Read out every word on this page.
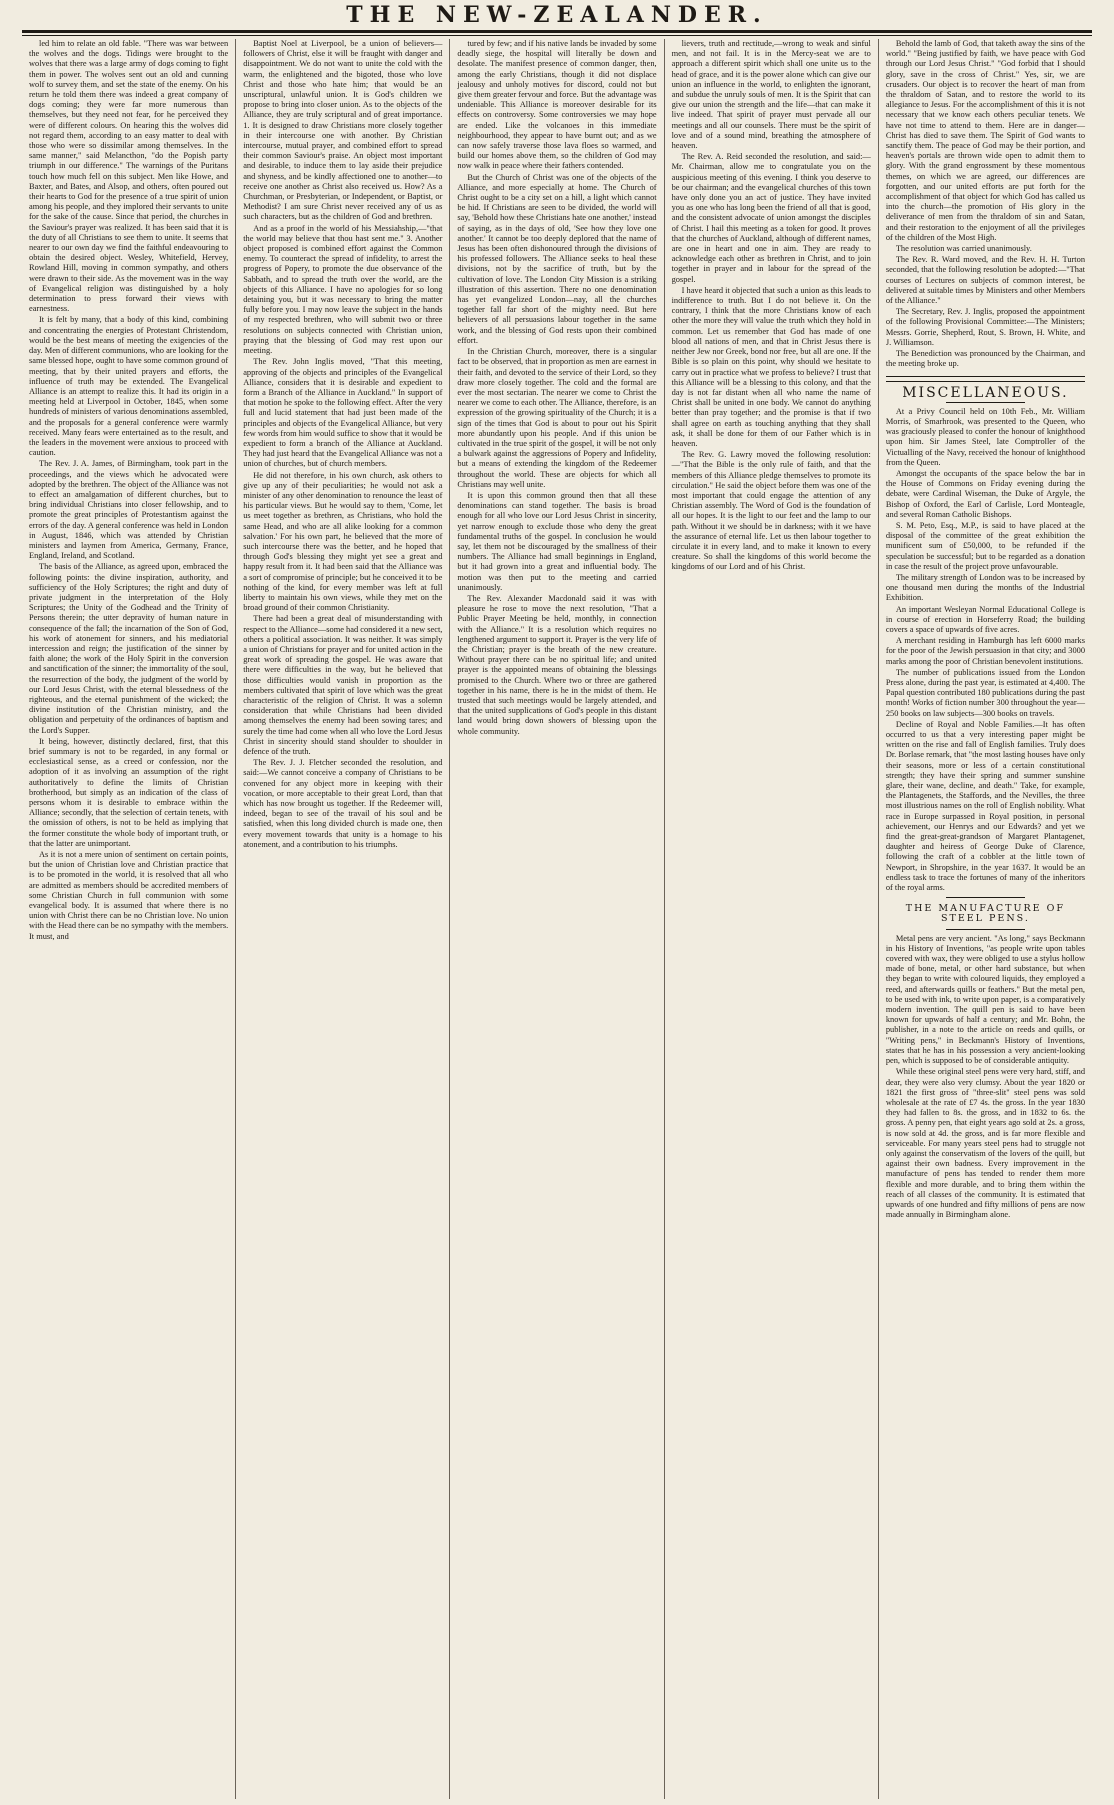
THE NEW-ZEALANDER.

led him to relate an old fable. "There was war between the wolves and the dogs. Tidings were brought to the wolves that there was a large army of dogs coming to fight them in power. The wolves sent out an old and cunning wolf to survey them, and set the state of the enemy. On his return he told them there was indeed a great company of dogs coming; they were far more numerous than themselves, but they need not fear, for he perceived they were of different colours. On hearing this the wolves did not regard them, according to an easy matter to deal with those who were so dissimilar among themselves. In the same manner," said Melancthon, "do the Popish party triumph in our difference." The warnings of the Puritans touch how much fell on this subject. Men like Howe, and Baxter, and Bates, and Alsop, and others, often poured out their hearts to God for the presence of a true spirit of union among his people, and they implored their servants to unite for the sake of the cause. Since that period, the churches in the Saviour's prayer was realized. It has been said that it is the duty of all Christians to see them to unite. It seems that nearer to our own day we find the faithful endeavouring to obtain the desired object. Wesley, Whitefield, Hervey, Rowland Hill, moving in common sympathy, and others were drawn to their side. As the movement was in the way of Evangelical religion was distinguished by a holy determination to press forward their views with earnestness.

It is felt by many, that a body of this kind, combining and concentrating the energies of Protestant Christendom, would be the best means of meeting the exigencies of the day. Men of different communions, who are looking for the same blessed hope, ought to have some common ground of meeting, that by their united prayers and efforts, the influence of truth may be extended. The Evangelical Alliance is an attempt to realize this. It had its origin in a meeting held at Liverpool in October, 1845, when some hundreds of ministers of various denominations assembled, and the proposals for a general conference were warmly received. Many fears were entertained as to the result, and the leaders in the movement were anxious to proceed with caution.

The Rev. J. A. James, of Birmingham, took part in the proceedings, and the views which he advocated were adopted by the brethren. The object of the Alliance was not to effect an amalgamation of different churches, but to bring individual Christians into closer fellowship, and to promote the great principles of Protestantism against the errors of the day. A general conference was held in London in August, 1846, which was attended by Christian ministers and laymen from America, Germany, France, England, Ireland, and Scotland.

The basis of the Alliance, as agreed upon, embraced the following points: the divine inspiration, authority, and sufficiency of the Holy Scriptures; the right and duty of private judgment in the interpretation of the Holy Scriptures; the Unity of the Godhead and the Trinity of Persons therein; the utter depravity of human nature in consequence of the fall; the incarnation of the Son of God, his work of atonement for sinners, and his mediatorial intercession and reign; the justification of the sinner by faith alone; the work of the Holy Spirit in the conversion and sanctification of the sinner; the immortality of the soul, the resurrection of the body, the judgment of the world by our Lord Jesus Christ, with the eternal blessedness of the righteous, and the eternal punishment of the wicked; the divine institution of the Christian ministry, and the obligation and perpetuity of the ordinances of baptism and the Lord's Supper.

It being, however, distinctly declared, first, that this brief summary is not to be regarded, in any formal or ecclesiastical sense, as a creed or confession, nor the adoption of it as involving an assumption of the right authoritatively to define the limits of Christian brotherhood, but simply as an indication of the class of persons whom it is desirable to embrace within the Alliance; secondly, that the selection of certain tenets, with the omission of others, is not to be held as implying that the former constitute the whole body of important truth, or that the latter are unimportant.

As it is not a mere union of sentiment on certain points, but the union of Christian love and Christian practice that is to be promoted in the world, it is resolved that all who are admitted as members should be accredited members of some Christian Church in full communion with some evangelical body. It is assumed that where there is no union with Christ there can be no Christian love. No union with the Head there can be no sympathy with the members. It must, and

Baptist Noel at Liverpool, be a union of believers—followers of Christ, else it will be fraught with danger and disappointment. We do not want to unite the cold with the warm, the enlightened and the bigoted, those who love Christ and those who hate him; that would be an unscriptural, unlawful union. It is God's children we propose to bring into closer union. As to the objects of the Alliance, they are truly scriptural and of great importance. 1. It is designed to draw Christians more closely together in their intercourse one with another. By Christian intercourse, mutual prayer, and combined effort to spread their common Saviour's praise. An object most important and desirable, to induce them to lay aside their prejudice and shyness, and be kindly affectioned one to another—to receive one another as Christ also received us. How? As a Churchman, or Presbyterian, or Independent, or Baptist, or Methodist? I am sure Christ never received any of us as such characters, but as the children of God and brethren.

And as a proof in the world of his Messiahship,—"that the world may believe that thou hast sent me." 3. Another object proposed is combined effort against the Common enemy. To counteract the spread of infidelity, to arrest the progress of Popery, to promote the due observance of the Sabbath, and to spread the truth over the world, are the objects of this Alliance. I have no apologies for so long detaining you, but it was necessary to bring the matter fully before you. I may now leave the subject in the hands of my respected brethren, who will submit two or three resolutions on subjects connected with Christian union, praying that the blessing of God may rest upon our meeting.

The Rev. John Inglis moved, "That this meeting, approving of the objects and principles of the Evangelical Alliance, considers that it is desirable and expedient to form a Branch of the Alliance in Auckland." In support of that motion he spoke to the following effect. After the very full and lucid statement that had just been made of the principles and objects of the Evangelical Alliance, but very few words from him would suffice to show that it would be expedient to form a branch of the Alliance at Auckland. They had just heard that the Evangelical Alliance was not a union of churches, but of church members.

He did not therefore, in his own church, ask others to give up any of their peculiarities; he would not ask a minister of any other denomination to renounce the least of his particular views. But he would say to them, 'Come, let us meet together as brethren, as Christians, who hold the same Head, and who are all alike looking for a common salvation.' For his own part, he believed that the more of such intercourse there was the better, and he hoped that through God's blessing they might yet see a great and happy result from it. It had been said that the Alliance was a sort of compromise of principle; but he conceived it to be nothing of the kind, for every member was left at full liberty to maintain his own views, while they met on the broad ground of their common Christianity.

There had been a great deal of misunderstanding with respect to the Alliance—some had considered it a new sect, others a political association. It was neither. It was simply a union of Christians for prayer and for united action in the great work of spreading the gospel. He was aware that there were difficulties in the way, but he believed that those difficulties would vanish in proportion as the members cultivated that spirit of love which was the great characteristic of the religion of Christ. It was a solemn consideration that while Christians had been divided among themselves the enemy had been sowing tares; and surely the time had come when all who love the Lord Jesus Christ in sincerity should stand shoulder to shoulder in defence of the truth.

The Rev. J. J. Fletcher seconded the resolution, and said:—We cannot conceive a company of Christians to be convened for any object more in keeping with their vocation, or more acceptable to their great Lord, than that which has now brought us together. If the Redeemer will, indeed, began to see of the travail of his soul and be satisfied, when this long divided church is made one, then every movement towards that unity is a homage to his atonement, and a contribution to his triumphs.

tured by few; and if his native lands be invaded by some deadly siege, the hospital will literally be down and desolate. The manifest presence of common danger, then, among the early Christians, though it did not displace jealousy and unholy motives for discord, could not but give them greater fervour and force. But the advantage was undeniable. This Alliance is moreover desirable for its effects on controversy. Some controversies we may hope are ended. Like the volcanoes in this immediate neighbourhood, they appear to have burnt out; and as we can now safely traverse those lava floes so warmed, and build our homes above them, so the children of God may now walk in peace where their fathers contended.

But the Church of Christ was one of the objects of the Alliance, and more especially at home. The Church of Christ ought to be a city set on a hill, a light which cannot be hid. If Christians are seen to be divided, the world will say, 'Behold how these Christians hate one another,' instead of saying, as in the days of old, 'See how they love one another.' It cannot be too deeply deplored that the name of Jesus has been often dishonoured through the divisions of his professed followers. The Alliance seeks to heal these divisions, not by the sacrifice of truth, but by the cultivation of love. The London City Mission is a striking illustration of this assertion. There no one denomination has yet evangelized London—nay, all the churches together fall far short of the mighty need. But here believers of all persuasions labour together in the same work, and the blessing of God rests upon their combined effort.

In the Christian Church, moreover, there is a singular fact to be observed, that in proportion as men are earnest in their faith, and devoted to the service of their Lord, so they draw more closely together. The cold and the formal are ever the most sectarian. The nearer we come to Christ the nearer we come to each other. The Alliance, therefore, is an expression of the growing spirituality of the Church; it is a sign of the times that God is about to pour out his Spirit more abundantly upon his people. And if this union be cultivated in the true spirit of the gospel, it will be not only a bulwark against the aggressions of Popery and Infidelity, but a means of extending the kingdom of the Redeemer throughout the world. These are objects for which all Christians may well unite.

It is upon this common ground then that all these denominations can stand together. The basis is broad enough for all who love our Lord Jesus Christ in sincerity, yet narrow enough to exclude those who deny the great fundamental truths of the gospel. In conclusion he would say, let them not be discouraged by the smallness of their numbers. The Alliance had small beginnings in England, but it had grown into a great and influential body. The motion was then put to the meeting and carried unanimously.

The Rev. Alexander Macdonald said it was with pleasure he rose to move the next resolution, "That a Public Prayer Meeting be held, monthly, in connection with the Alliance." It is a resolution which requires no lengthened argument to support it. Prayer is the very life of the Christian; prayer is the breath of the new creature. Without prayer there can be no spiritual life; and united prayer is the appointed means of obtaining the blessings promised to the Church. Where two or three are gathered together in his name, there is he in the midst of them. He trusted that such meetings would be largely attended, and that the united supplications of God's people in this distant land would bring down showers of blessing upon the whole community.

lievers, truth and rectitude,—wrong to weak and sinful men, and not fail. It is in the Mercy-seat we are to approach a different spirit which shall one unite us to the head of grace, and it is the power alone which can give our union an influence in the world, to enlighten the ignorant, and subdue the unruly souls of men. It is the Spirit that can give our union the strength and the life—that can make it live indeed. That spirit of prayer must pervade all our meetings and all our counsels. There must be the spirit of love and of a sound mind, breathing the atmosphere of heaven.

The Rev. A. Reid seconded the resolution, and said:—Mr. Chairman, allow me to congratulate you on the auspicious meeting of this evening. I think you deserve to be our chairman; and the evangelical churches of this town have only done you an act of justice. They have invited you as one who has long been the friend of all that is good, and the consistent advocate of union amongst the disciples of Christ. I hail this meeting as a token for good. It proves that the churches of Auckland, although of different names, are one in heart and one in aim. They are ready to acknowledge each other as brethren in Christ, and to join together in prayer and in labour for the spread of the gospel.

I have heard it objected that such a union as this leads to indifference to truth. But I do not believe it. On the contrary, I think that the more Christians know of each other the more they will value the truth which they hold in common. Let us remember that God has made of one blood all nations of men, and that in Christ Jesus there is neither Jew nor Greek, bond nor free, but all are one. If the Bible is so plain on this point, why should we hesitate to carry out in practice what we profess to believe? I trust that this Alliance will be a blessing to this colony, and that the day is not far distant when all who name the name of Christ shall be united in one body. We cannot do anything better than pray together; and the promise is that if two shall agree on earth as touching anything that they shall ask, it shall be done for them of our Father which is in heaven.

The Rev. G. Lawry moved the following resolution:—"That the Bible is the only rule of faith, and that the members of this Alliance pledge themselves to promote its circulation." He said the object before them was one of the most important that could engage the attention of any Christian assembly. The Word of God is the foundation of all our hopes. It is the light to our feet and the lamp to our path. Without it we should be in darkness; with it we have the assurance of eternal life. Let us then labour together to circulate it in every land, and to make it known to every creature. So shall the kingdoms of this world become the kingdoms of our Lord and of his Christ.

Behold the lamb of God, that taketh away the sins of the world." "Being justified by faith, we have peace with God through our Lord Jesus Christ." "God forbid that I should glory, save in the cross of Christ." Yes, sir, we are crusaders. Our object is to recover the heart of man from the thraldom of Satan, and to restore the world to its allegiance to Jesus. For the accomplishment of this it is not necessary that we know each others peculiar tenets. We have not time to attend to them. Here are in danger—Christ has died to save them. The Spirit of God wants to sanctify them. The peace of God may be their portion, and heaven's portals are thrown wide open to admit them to glory. With the grand engrossment by these momentous themes, on which we are agreed, our differences are forgotten, and our united efforts are put forth for the accomplishment of that object for which God has called us into the church—the promotion of His glory in the deliverance of men from the thraldom of sin and Satan, and their restoration to the enjoyment of all the privileges of the children of the Most High.

The resolution was carried unanimously.

The Rev. R. Ward moved, and the Rev. H. H. Turton seconded, that the following resolution be adopted:—"That courses of Lectures on subjects of common interest, be delivered at suitable times by Ministers and other Members of the Alliance."

The Secretary, Rev. J. Inglis, proposed the appointment of the following Provisional Committee:—The Ministers; Messrs. Gorrie, Shepherd, Rout, S. Brown, H. White, and J. Williamson.

The Benediction was pronounced by the Chairman, and the meeting broke up.

MISCELLANEOUS.

At a Privy Council held on 10th Feb., Mr. William Morris, of Smarhrook, was presented to the Queen, who was graciously pleased to confer the honour of knighthood upon him. Sir James Steel, late Comptroller of the Victualling of the Navy, received the honour of knighthood from the Queen.

Amongst the occupants of the space below the bar in the House of Commons on Friday evening during the debate, were Cardinal Wiseman, the Duke of Argyle, the Bishop of Oxford, the Earl of Carlisle, Lord Monteagle, and several Roman Catholic Bishops.

S. M. Peto, Esq., M.P., is said to have placed at the disposal of the committee of the great exhibition the munificent sum of £50,000, to be refunded if the speculation be successful; but to be regarded as a donation in case the result of the project prove unfavourable.

The military strength of London was to be increased by one thousand men during the months of the Industrial Exhibition.

An important Wesleyan Normal Educational College is in course of erection in Horseferry Road; the building covers a space of upwards of five acres.

A merchant residing in Hamburgh has left 6000 marks for the poor of the Jewish persuasion in that city; and 3000 marks among the poor of Christian benevolent institutions.

The number of publications issued from the London Press alone, during the past year, is estimated at 4,400. The Papal question contributed 180 publications during the past month! Works of fiction number 300 throughout the year—250 books on law subjects—300 books on travels.

Decline of Royal and Noble Families.—It has often occurred to us that a very interesting paper might be written on the rise and fall of English families. Truly does Dr. Borlase remark, that "the most lasting houses have only their seasons, more or less of a certain constitutional strength; they have their spring and summer sunshine glare, their wane, decline, and death." Take, for example, the Plantagenets, the Staffords, and the Nevilles, the three most illustrious names on the roll of English nobility. What race in Europe surpassed in Royal position, in personal achievement, our Henrys and our Edwards? and yet we find the great-great-grandson of Margaret Plantagenet, daughter and heiress of George Duke of Clarence, following the craft of a cobbler at the little town of Newport, in Shropshire, in the year 1637. It would be an endless task to trace the fortunes of many of the inheritors of the royal arms.

THE MANUFACTURE OF STEEL PENS.

Metal pens are very ancient. "As long," says Beckmann in his History of Inventions, "as people write upon tables covered with wax, they were obliged to use a stylus hollow made of bone, metal, or other hard substance, but when they began to write with coloured liquids, they employed a reed, and afterwards quills or feathers." But the metal pen, to be used with ink, to write upon paper, is a comparatively modern invention. The quill pen is said to have been known for upwards of half a century; and Mr. Bohn, the publisher, in a note to the article on reeds and quills, or "Writing pens," in Beckmann's History of Inventions, states that he has in his possession a very ancient-looking pen, which is supposed to be of considerable antiquity.

While these original steel pens were very hard, stiff, and dear, they were also very clumsy. About the year 1820 or 1821 the first gross of "three-slit" steel pens was sold wholesale at the rate of £7 4s. the gross. In the year 1830 they had fallen to 8s. the gross, and in 1832 to 6s. the gross. A penny pen, that eight years ago sold at 2s. a gross, is now sold at 4d. the gross, and is far more flexible and serviceable. For many years steel pens had to struggle not only against the conservatism of the lovers of the quill, but against their own badness. Every improvement in the manufacture of pens has tended to render them more flexible and more durable, and to bring them within the reach of all classes of the community. It is estimated that upwards of one hundred and fifty millions of pens are now made annually in Birmingham alone.
